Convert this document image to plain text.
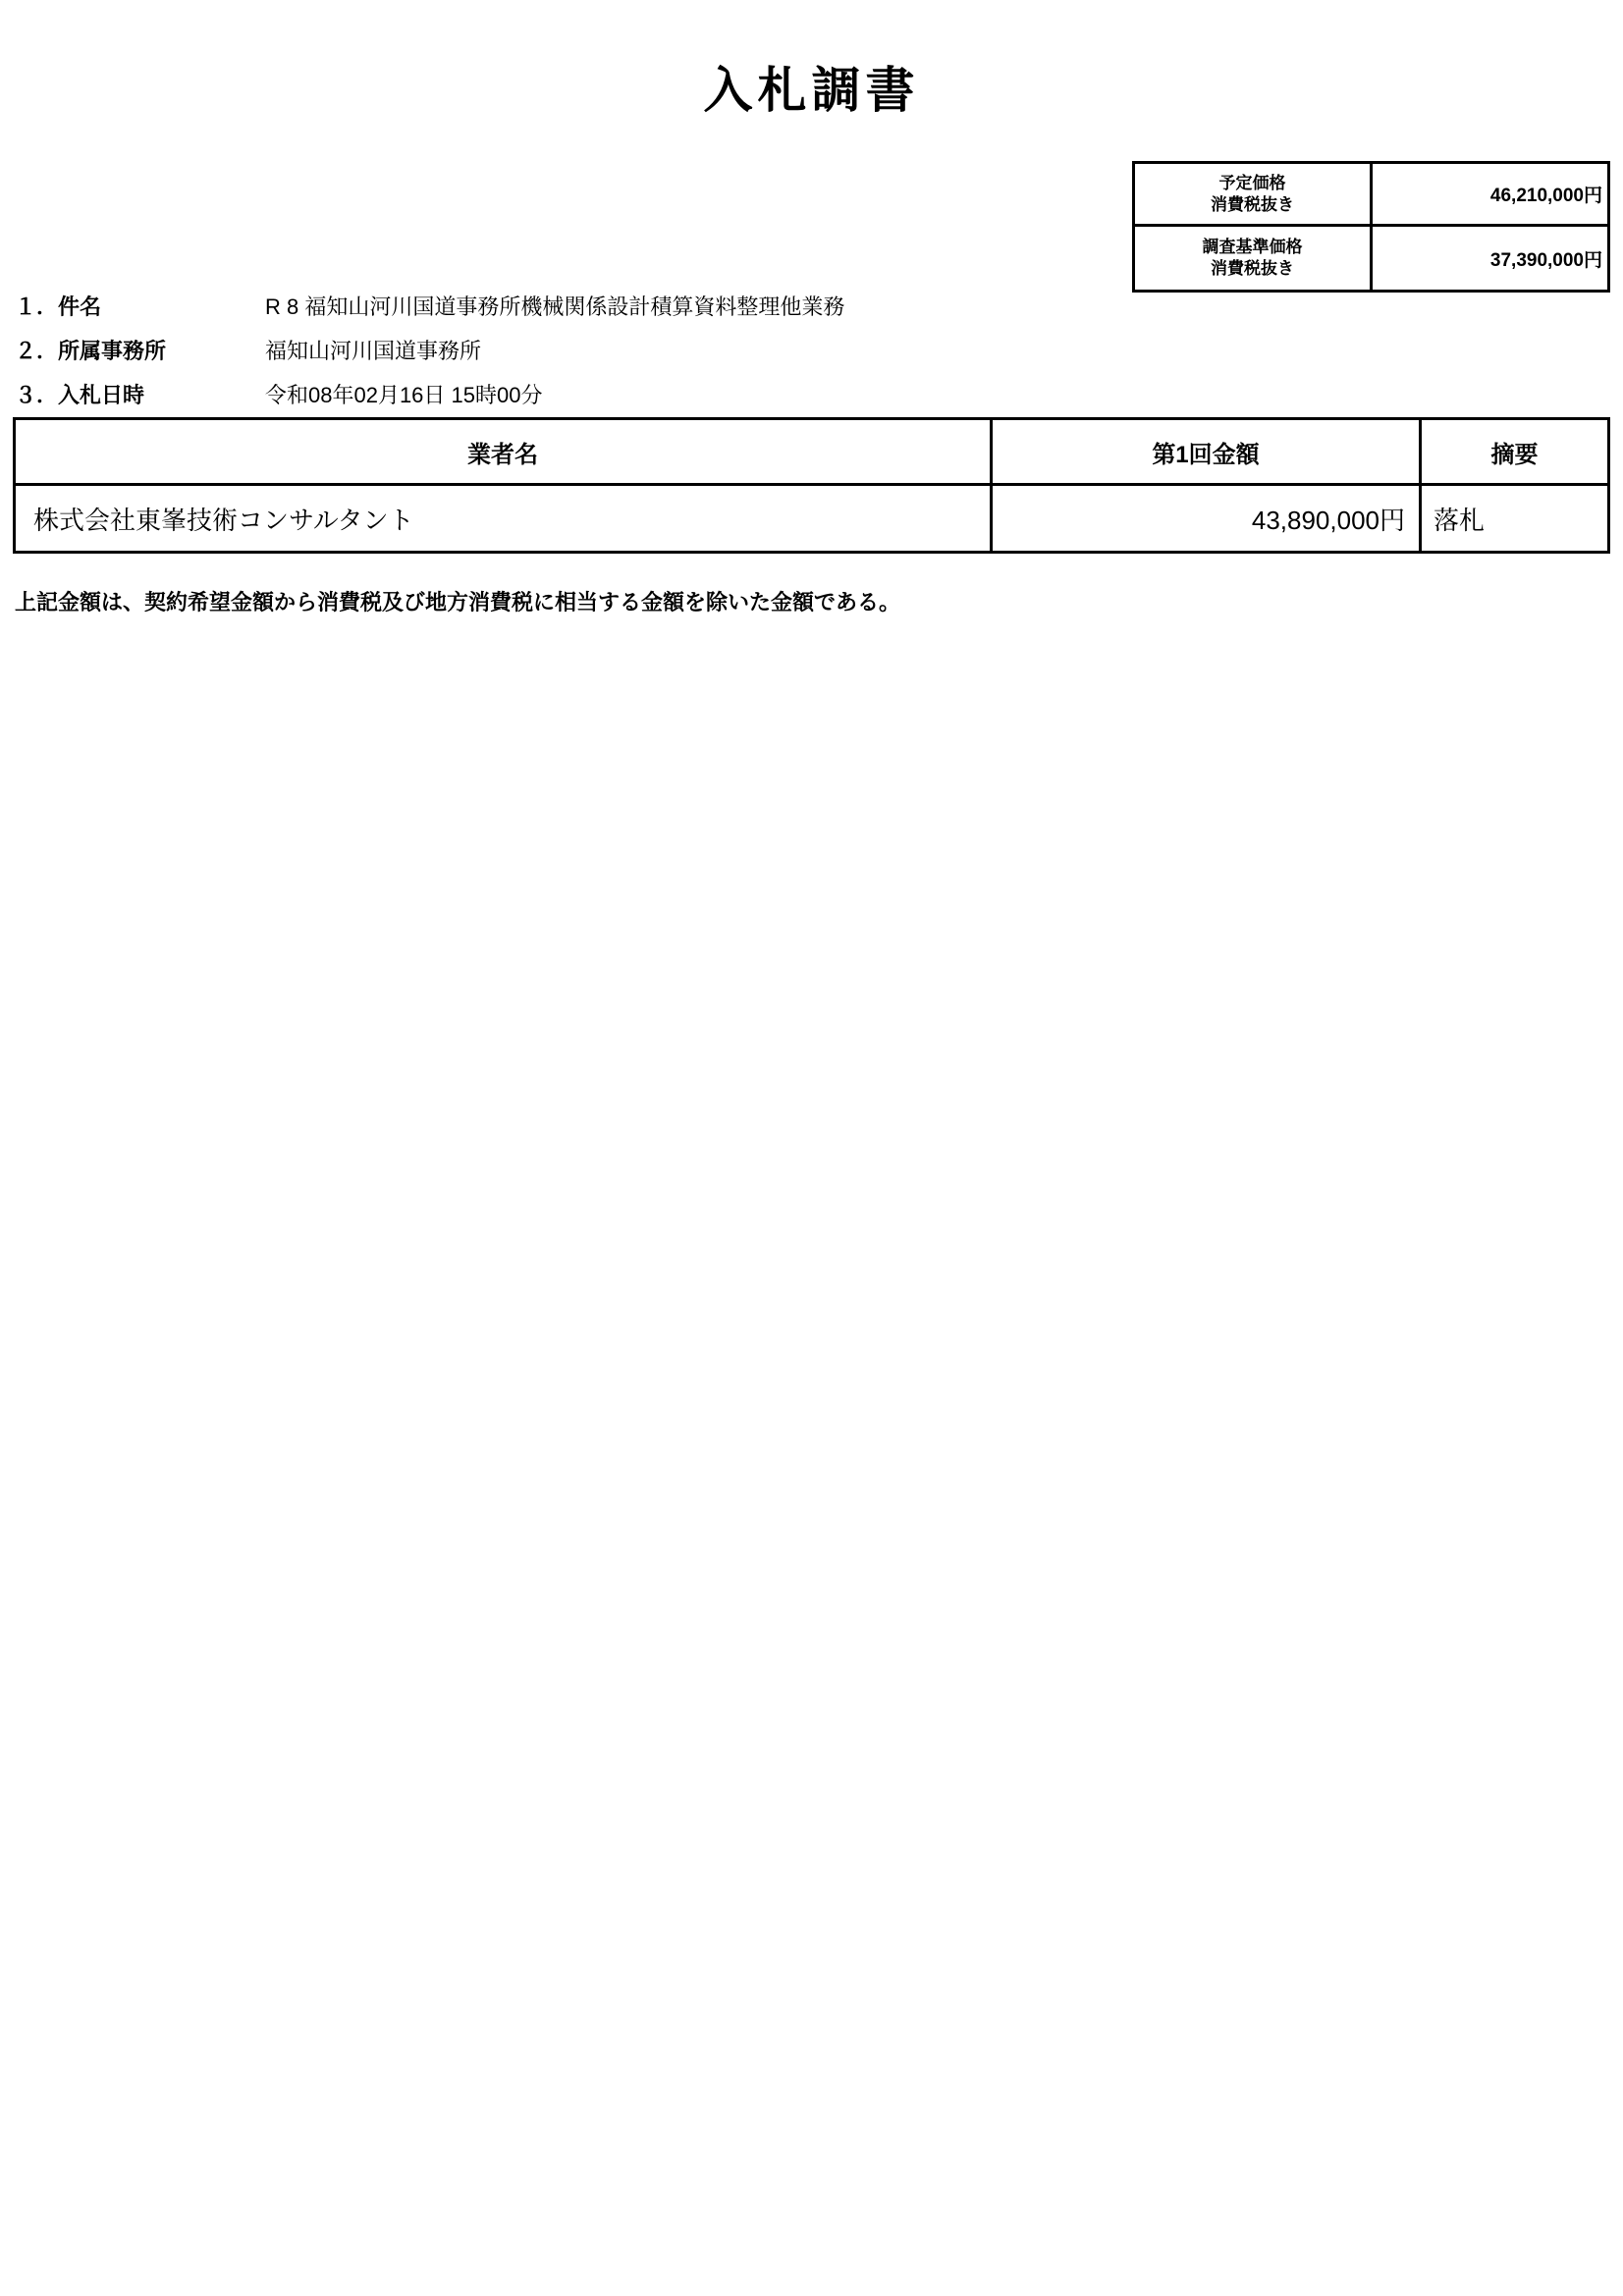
入札調書
予定価格
消費税抜き	46,210,000円
調査基準価格
消費税抜き	37,390,000円
１．件名	R 8 福知山河川国道事務所機械関係設計積算資料整理他業務
２．所属事務所	福知山河川国道事務所
３．入札日時	令和08年02月16日 15時00分
業者名	第1回金額	摘要
株式会社東峯技術コンサルタント	43,890,000円	落札

上記金額は、契約希望金額から消費税及び地方消費税に相当する金額を除いた金額である。
